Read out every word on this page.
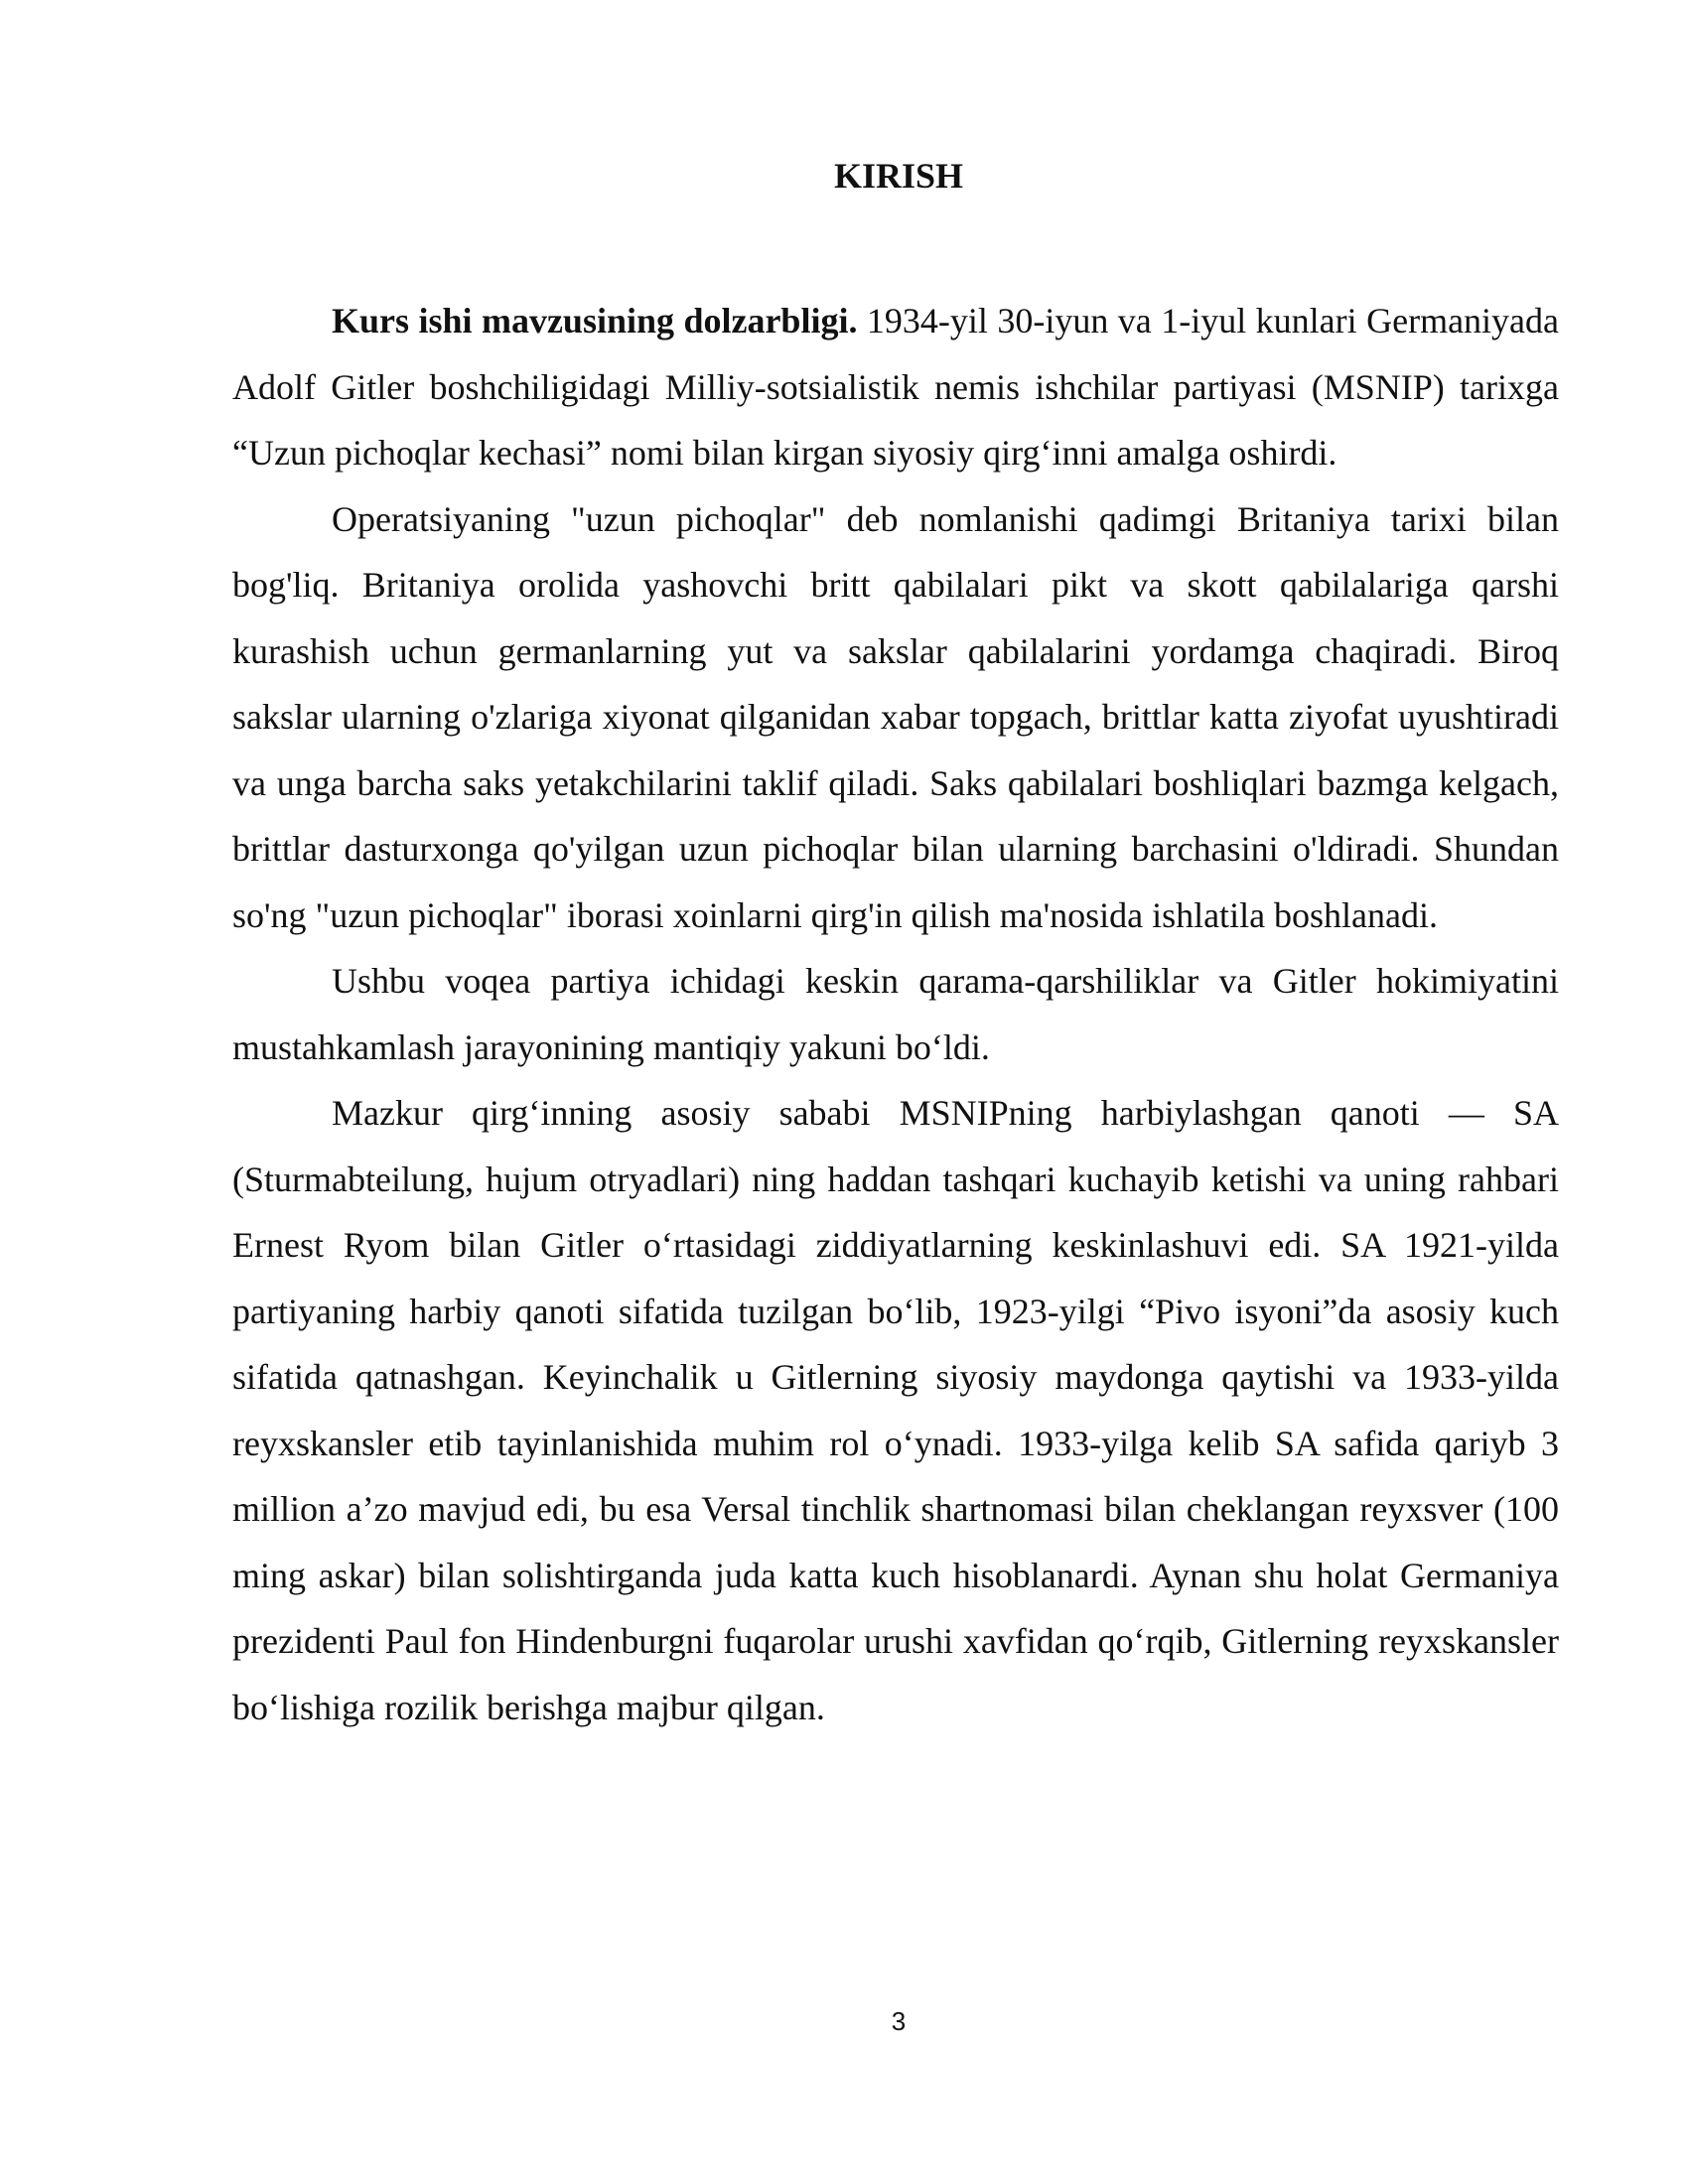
KIRISH

Kurs ishi mavzusining dolzarbligi. 1934-yil 30-iyun va 1-iyul kunlari Germaniyada Adolf Gitler boshchiligidagi Milliy-sotsialistik nemis ishchilar partiyasi (MSNIP) tarixga “Uzun pichoqlar kechasi” nomi bilan kirgan siyosiy qirg‘inni amalga oshirdi.

Operatsiyaning "uzun pichoqlar" deb nomlanishi qadimgi Britaniya tarixi bilan bog'liq. Britaniya orolida yashovchi britt qabilalari pikt va skott qabilalariga qarshi kurashish uchun germanlarning yut va sakslar qabilalarini yordamga chaqiradi. Biroq sakslar ularning o'zlariga xiyonat qilganidan xabar topgach, brittlar katta ziyofat uyushtiradi va unga barcha saks yetakchilarini taklif qiladi. Saks qabilalari boshliqlari bazmga kelgach, brittlar dasturxonga qo'yilgan uzun pichoqlar bilan ularning barchasini o'ldiradi. Shundan so'ng "uzun pichoqlar" iborasi xoinlarni qirg'in qilish ma'nosida ishlatila boshlanadi.

Ushbu voqea partiya ichidagi keskin qarama-qarshiliklar va Gitler hokimiyatini mustahkamlash jarayonining mantiqiy yakuni bo‘ldi.

Mazkur qirg‘inning asosiy sababi MSNIPning harbiylashgan qanoti — SA (Sturmabteilung, hujum otryadlari) ning haddan tashqari kuchayib ketishi va uning rahbari Ernest Ryom bilan Gitler o‘rtasidagi ziddiyatlarning keskinlashuvi edi. SA 1921-yilda partiyaning harbiy qanoti sifatida tuzilgan bo‘lib, 1923-yilgi “Pivo isyoni”da asosiy kuch sifatida qatnashgan. Keyinchalik u Gitlerning siyosiy maydonga qaytishi va 1933-yilda reyxskansler etib tayinlanishida muhim rol o‘ynadi. 1933-yilga kelib SA safida qariyb 3 million a’zo mavjud edi, bu esa Versal tinchlik shartnomasi bilan cheklangan reyxsver (100 ming askar) bilan solishtirganda juda katta kuch hisoblanardi. Aynan shu holat Germaniya prezidenti Paul fon Hindenburgni fuqarolar urushi xavfidan qo‘rqib, Gitlerning reyxskansler bo‘lishiga rozilik berishga majbur qilgan.

3
